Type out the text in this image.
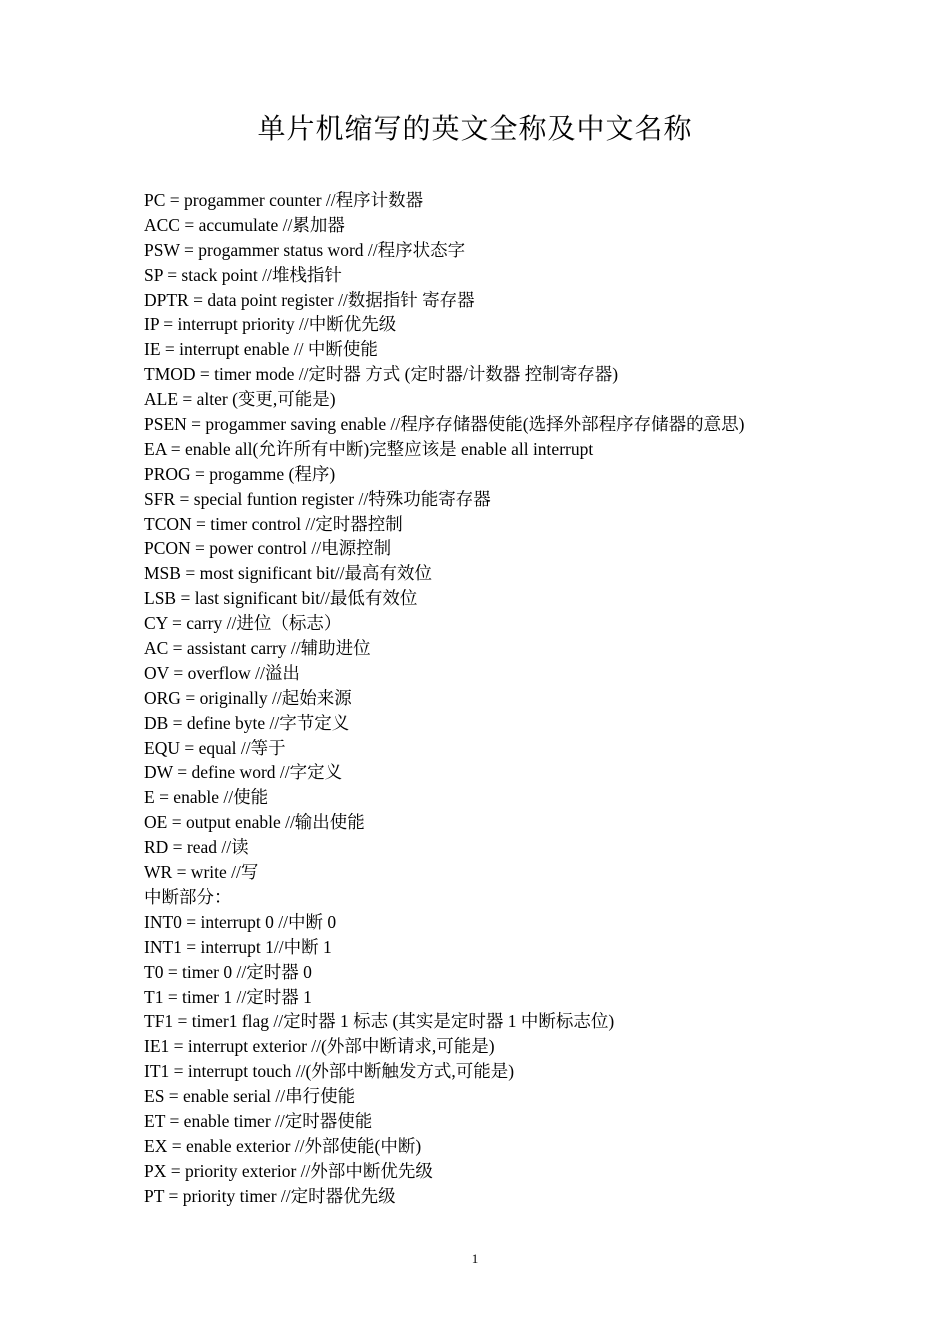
单片机缩写的英文全称及中文名称
PC = progammer counter //程序计数器
ACC = accumulate //累加器
PSW = progammer status word //程序状态字
SP = stack point //堆栈指针
DPTR = data point register //数据指针 寄存器
IP = interrupt priority //中断优先级
IE = interrupt enable // 中断使能
TMOD = timer mode //定时器 方式 (定时器/计数器 控制寄存器)
ALE = alter (变更,可能是)
PSEN = progammer saving enable //程序存储器使能(选择外部程序存储器的意思)
EA = enable all(允许所有中断)完整应该是 enable all interrupt
PROG = progamme (程序)
SFR = special funtion register //特殊功能寄存器
TCON = timer control //定时器控制
PCON = power control //电源控制
MSB = most significant bit//最高有效位
LSB = last significant bit//最低有效位
CY = carry //进位（标志）
AC = assistant carry //辅助进位
OV = overflow //溢出
ORG = originally //起始来源
DB = define byte //字节定义
EQU = equal //等于
DW = define word //字定义
E = enable //使能
OE = output enable //输出使能
RD = read //读
WR = write //写
中断部分：
INT0 = interrupt 0 //中断 0
INT1 = interrupt 1//中断 1
T0 = timer 0 //定时器 0
T1 = timer 1 //定时器 1
TF1 = timer1 flag //定时器 1 标志 (其实是定时器 1 中断标志位)
IE1 = interrupt exterior //(外部中断请求,可能是)
IT1 = interrupt touch //(外部中断触发方式,可能是)
ES = enable serial //串行使能
ET = enable timer //定时器使能
EX = enable exterior //外部使能(中断)
PX = priority exterior //外部中断优先级
PT = priority timer //定时器优先级
1
